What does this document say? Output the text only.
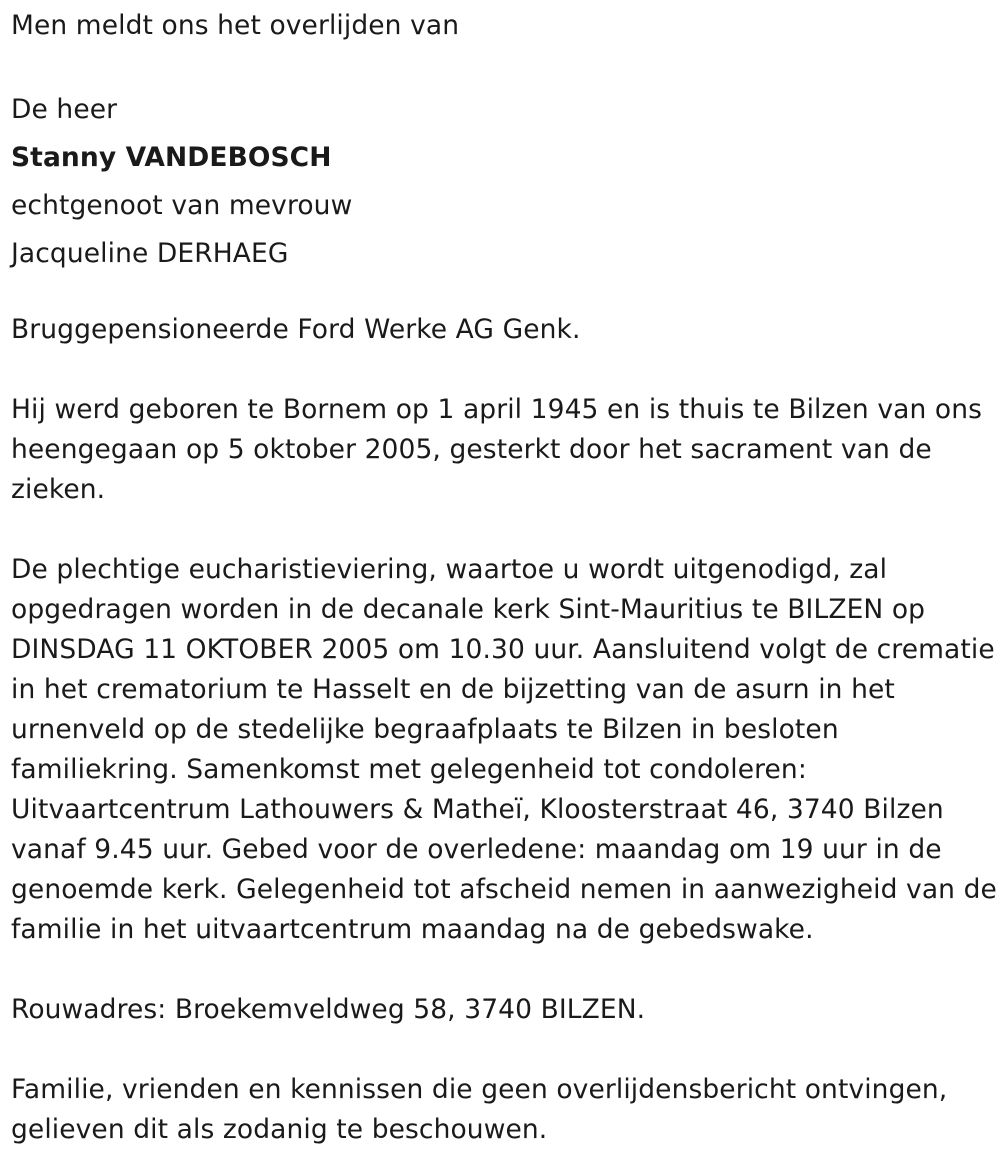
Men meldt ons het overlijden van
De heer
Stanny VANDEBOSCH
echtgenoot van mevrouw
Jacqueline DERHAEG
Bruggepensioneerde Ford Werke AG Genk.
Hij werd geboren te Bornem op 1 april 1945 en is thuis te Bilzen van ons
heengegaan op 5 oktober 2005, gesterkt door het sacrament van de
zieken.
De plechtige eucharistieviering, waartoe u wordt uitgenodigd, zal
opgedragen worden in de decanale kerk Sint-Mauritius te BILZEN op
DINSDAG 11 OKTOBER 2005 om 10.30 uur. Aansluitend volgt de crematie
in het crematorium te Hasselt en de bijzetting van de asurn in het
urnenveld op de stedelijke begraafplaats te Bilzen in besloten
familiekring. Samenkomst met gelegenheid tot condoleren:
Uitvaartcentrum Lathouwers & Matheï, Kloosterstraat 46, 3740 Bilzen
vanaf 9.45 uur. Gebed voor de overledene: maandag om 19 uur in de
genoemde kerk. Gelegenheid tot afscheid nemen in aanwezigheid van de
familie in het uitvaartcentrum maandag na de gebedswake.
Rouwadres: Broekemveldweg 58, 3740 BILZEN.
Familie, vrienden en kennissen die geen overlijdensbericht ontvingen,
gelieven dit als zodanig te beschouwen.
